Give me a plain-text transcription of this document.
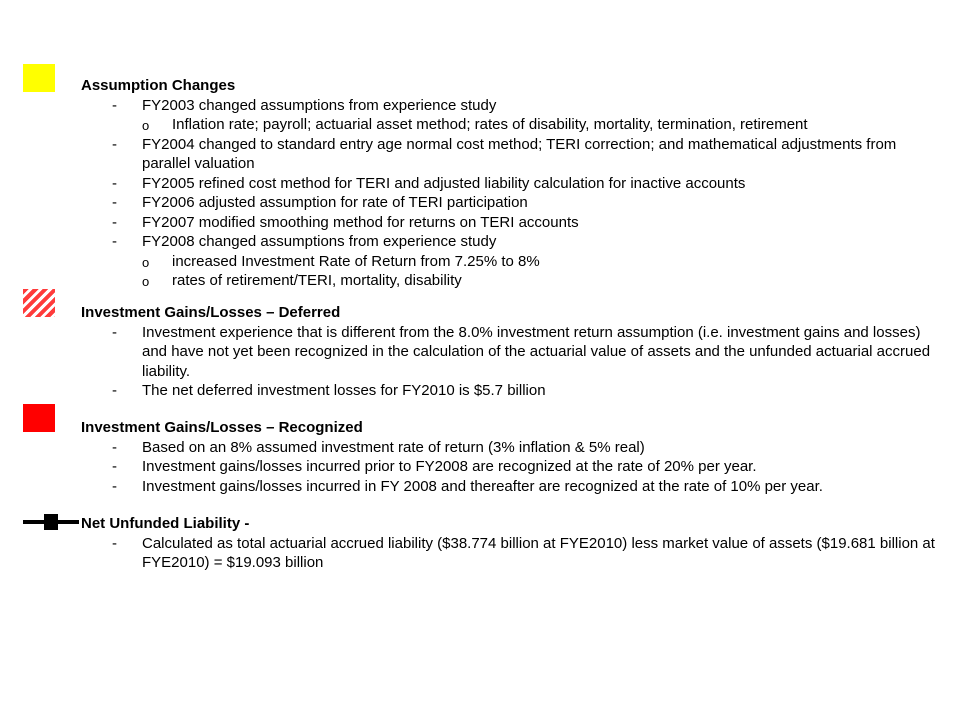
Assumption Changes
- FY2003 changed assumptions from experience study
o Inflation rate; payroll; actuarial asset method; rates of disability, mortality, termination, retirement
- FY2004 changed to standard entry age normal cost method; TERI correction; and mathematical adjustments from parallel valuation
- FY2005 refined cost method for TERI and adjusted liability calculation for inactive accounts
- FY2006 adjusted assumption for rate of TERI participation
- FY2007 modified smoothing method for returns on TERI accounts
- FY2008 changed assumptions from experience study
o increased Investment Rate of Return from 7.25% to 8%
o rates of retirement/TERI, mortality, disability
Investment Gains/Losses – Deferred
- Investment experience that is different from the 8.0% investment return assumption (i.e. investment gains and losses) and have not yet been recognized in the calculation of the actuarial value of assets and the unfunded actuarial accrued liability.
- The net deferred investment losses for FY2010 is $5.7 billion
Investment Gains/Losses – Recognized
- Based on an 8% assumed investment rate of return (3% inflation & 5% real)
- Investment gains/losses incurred prior to FY2008 are recognized at the rate of 20% per year.
- Investment gains/losses incurred in FY 2008 and thereafter are recognized at the rate of 10% per year.
Net Unfunded Liability -
- Calculated as total actuarial accrued liability ($38.774 billion at FYE2010) less market value of assets ($19.681 billion at FYE2010) = $19.093 billion
